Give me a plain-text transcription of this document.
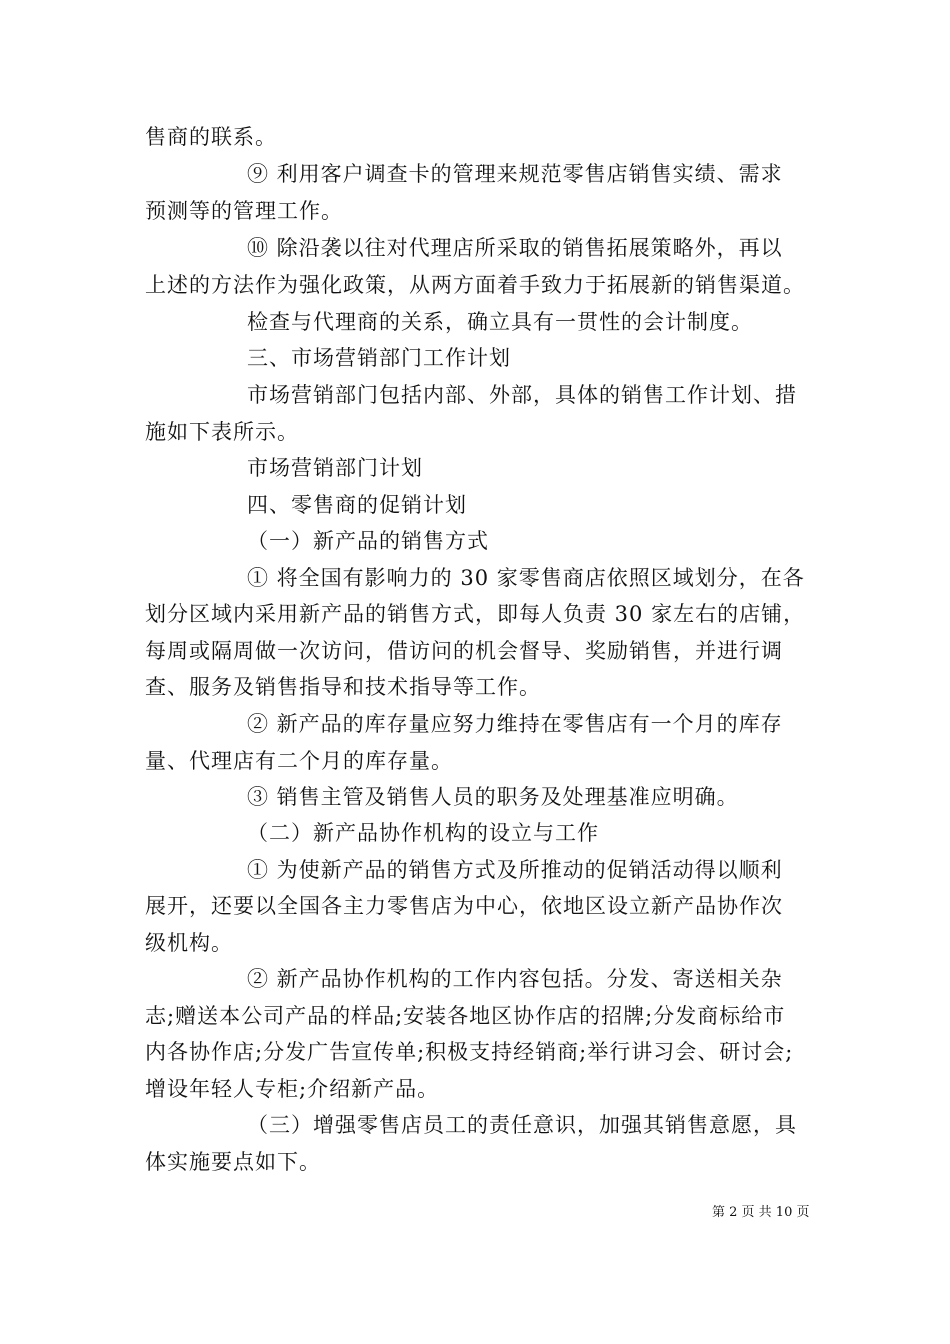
售商的联系。
⑨ 利用客户调查卡的管理来规范零售店销售实绩、需求
预测等的管理工作。
⑩ 除沿袭以往对代理店所采取的销售拓展策略外，再以
上述的方法作为强化政策，从两方面着手致力于拓展新的销售渠道。
检查与代理商的关系，确立具有一贯性的会计制度。
三、市场营销部门工作计划
市场营销部门包括内部、外部，具体的销售工作计划、措
施如下表所示。
市场营销部门计划
四、零售商的促销计划
（一）新产品的销售方式
① 将全国有影响力的 30 家零售商店依照区域划分，在各
划分区域内采用新产品的销售方式，即每人负责 30 家左右的店铺，
每周或隔周做一次访问，借访问的机会督导、奖励销售，并进行调
查、服务及销售指导和技术指导等工作。
② 新产品的库存量应努力维持在零售店有一个月的库存
量、代理店有二个月的库存量。
③ 销售主管及销售人员的职务及处理基准应明确。
（二）新产品协作机构的设立与工作
① 为使新产品的销售方式及所推动的促销活动得以顺利
展开，还要以全国各主力零售店为中心，依地区设立新产品协作次
级机构。
② 新产品协作机构的工作内容包括。分发、寄送相关杂
志;赠送本公司产品的样品;安装各地区协作店的招牌;分发商标给市
内各协作店;分发广告宣传单;积极支持经销商;举行讲习会、研讨会;
增设年轻人专柜;介绍新产品。
（三）增强零售店员工的责任意识，加强其销售意愿，具
体实施要点如下。
第 2 页 共 10 页
